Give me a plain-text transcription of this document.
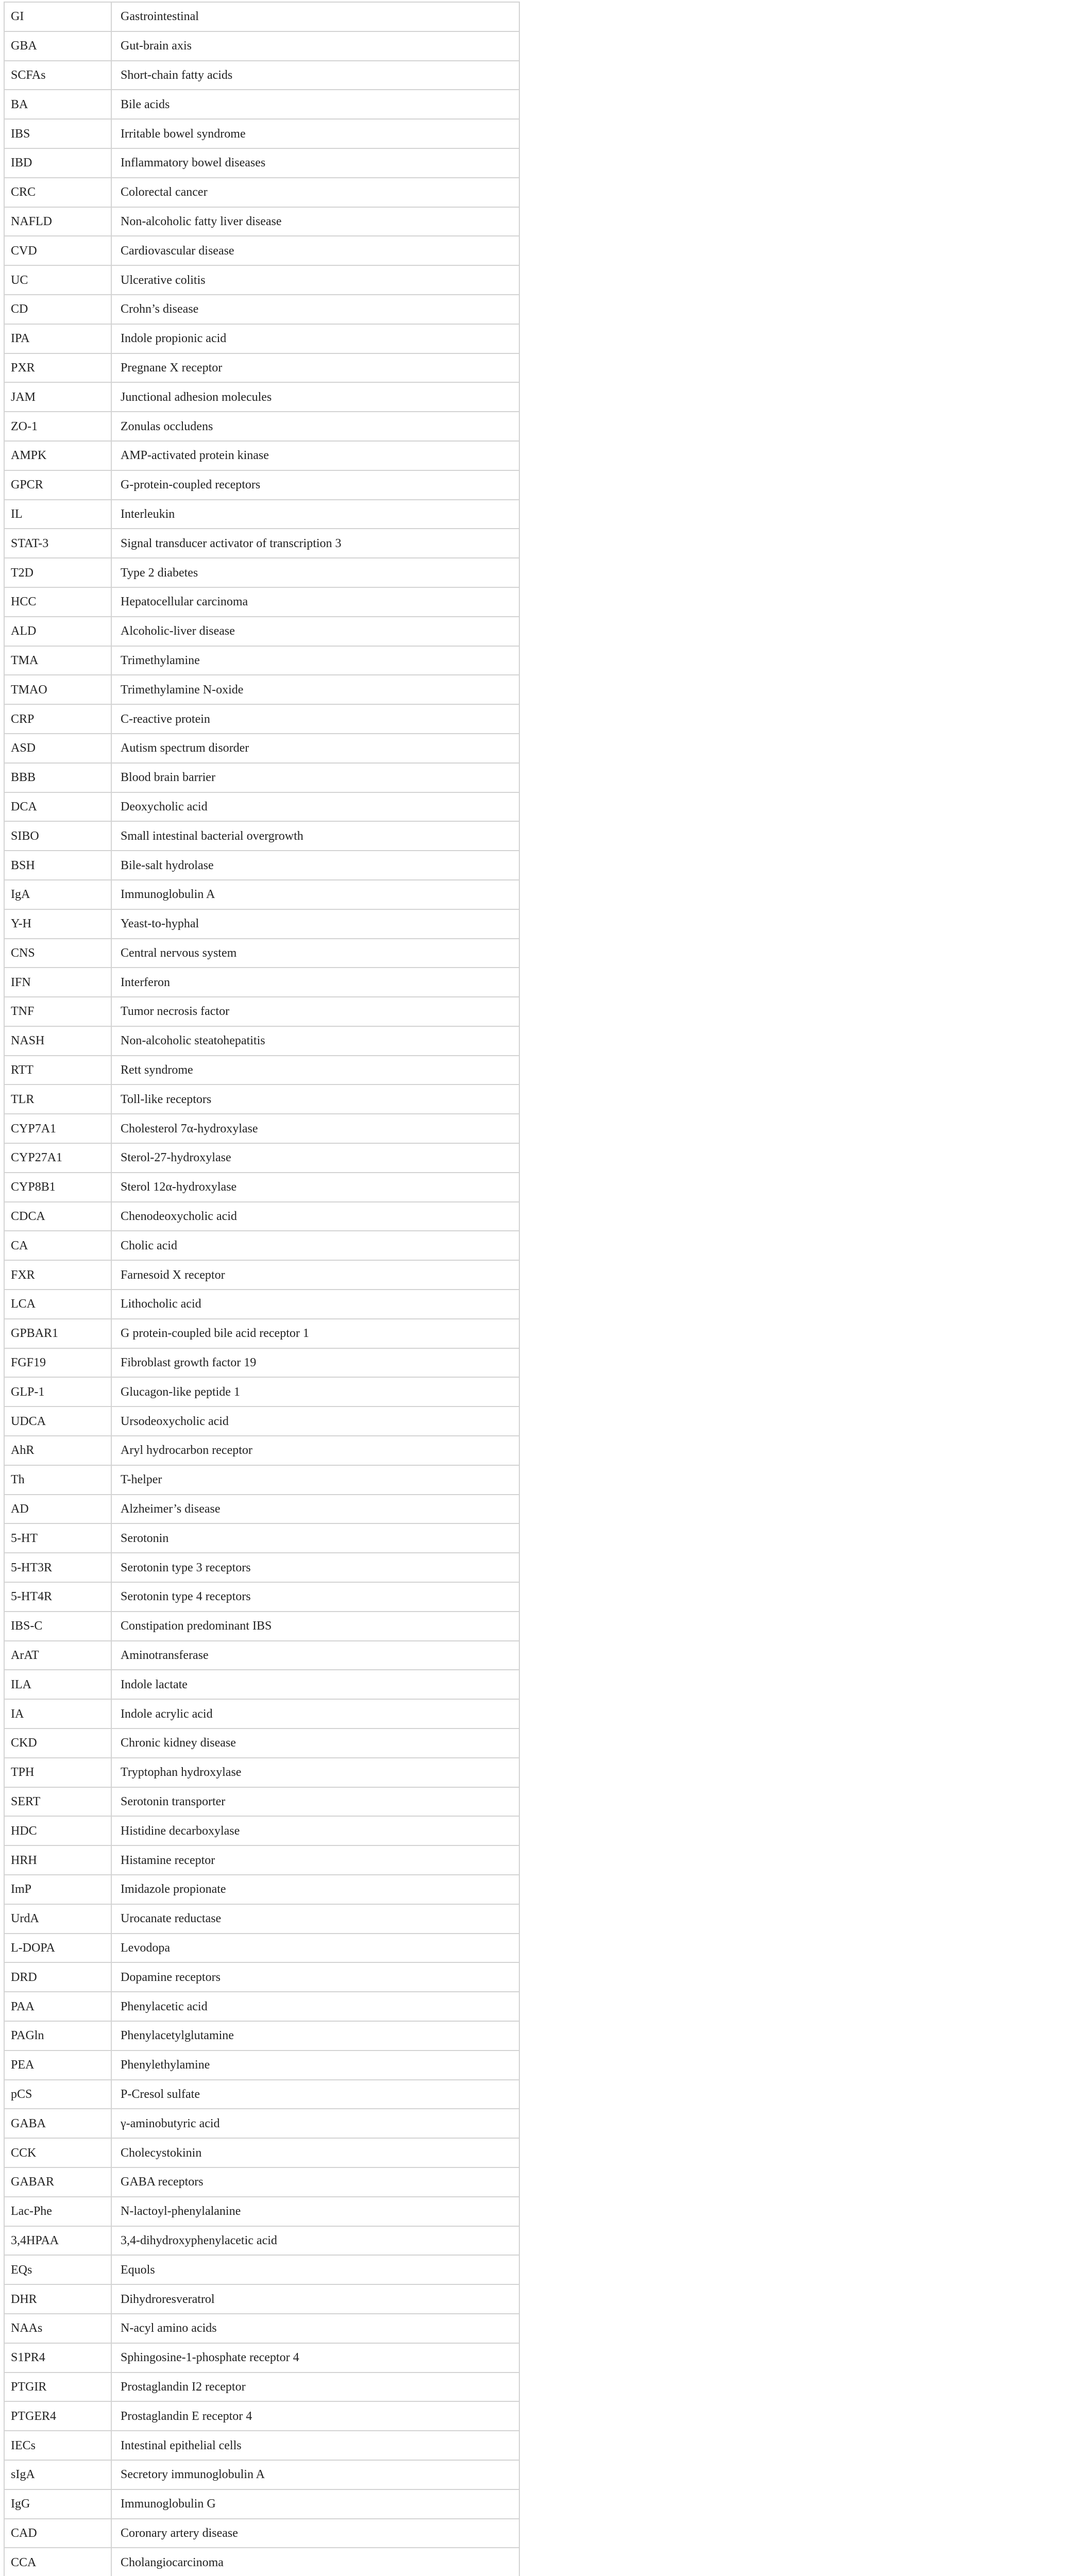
GI	Gastrointestinal
GBA	Gut-brain axis
SCFAs	Short-chain fatty acids
BA	Bile acids
IBS	Irritable bowel syndrome
IBD	Inflammatory bowel diseases
CRC	Colorectal cancer
NAFLD	Non-alcoholic fatty liver disease
CVD	Cardiovascular disease
UC	Ulcerative colitis
CD	Crohn’s disease
IPA	Indole propionic acid
PXR	Pregnane X receptor
JAM	Junctional adhesion molecules
ZO-1	Zonulas occludens
AMPK	AMP-activated protein kinase
GPCR	G-protein-coupled receptors
IL	Interleukin
STAT-3	Signal transducer activator of transcription 3
T2D	Type 2 diabetes
HCC	Hepatocellular carcinoma
ALD	Alcoholic-liver disease
TMA	Trimethylamine
TMAO	Trimethylamine N-oxide
CRP	C-reactive protein
ASD	Autism spectrum disorder
BBB	Blood brain barrier
DCA	Deoxycholic acid
SIBO	Small intestinal bacterial overgrowth
BSH	Bile-salt hydrolase
IgA	Immunoglobulin A
Y-H	Yeast-to-hyphal
CNS	Central nervous system
IFN	Interferon
TNF	Tumor necrosis factor
NASH	Non-alcoholic steatohepatitis
RTT	Rett syndrome
TLR	Toll-like receptors
CYP7A1	Cholesterol 7α-hydroxylase
CYP27A1	Sterol-27-hydroxylase
CYP8B1	Sterol 12α-hydroxylase
CDCA	Chenodeoxycholic acid
CA	Cholic acid
FXR	Farnesoid X receptor
LCA	Lithocholic acid
GPBAR1	G protein-coupled bile acid receptor 1
FGF19	Fibroblast growth factor 19
GLP-1	Glucagon-like peptide 1
UDCA	Ursodeoxycholic acid
AhR	Aryl hydrocarbon receptor
Th	T-helper
AD	Alzheimer’s disease
5-HT	Serotonin
5-HT3R	Serotonin type 3 receptors
5-HT4R	Serotonin type 4 receptors
IBS-C	Constipation predominant IBS
ArAT	Aminotransferase
ILA	Indole lactate
IA	Indole acrylic acid
CKD	Chronic kidney disease
TPH	Tryptophan hydroxylase
SERT	Serotonin transporter
HDC	Histidine decarboxylase
HRH	Histamine receptor
ImP	Imidazole propionate
UrdA	Urocanate reductase
L-DOPA	Levodopa
DRD	Dopamine receptors
PAA	Phenylacetic acid
PAGln	Phenylacetylglutamine
PEA	Phenylethylamine
pCS	P-Cresol sulfate
GABA	γ-aminobutyric acid
CCK	Cholecystokinin
GABAR	GABA receptors
Lac-Phe	N-lactoyl-phenylalanine
3,4HPAA	3,4-dihydroxyphenylacetic acid
EQs	Equols
DHR	Dihydroresveratrol
NAAs	N-acyl amino acids
S1PR4	Sphingosine-1-phosphate receptor 4
PTGIR	Prostaglandin I2 receptor
PTGER4	Prostaglandin E receptor 4
IECs	Intestinal epithelial cells
sIgA	Secretory immunoglobulin A
IgG	Immunoglobulin G
CAD	Coronary artery disease
CCA	Cholangiocarcinoma
